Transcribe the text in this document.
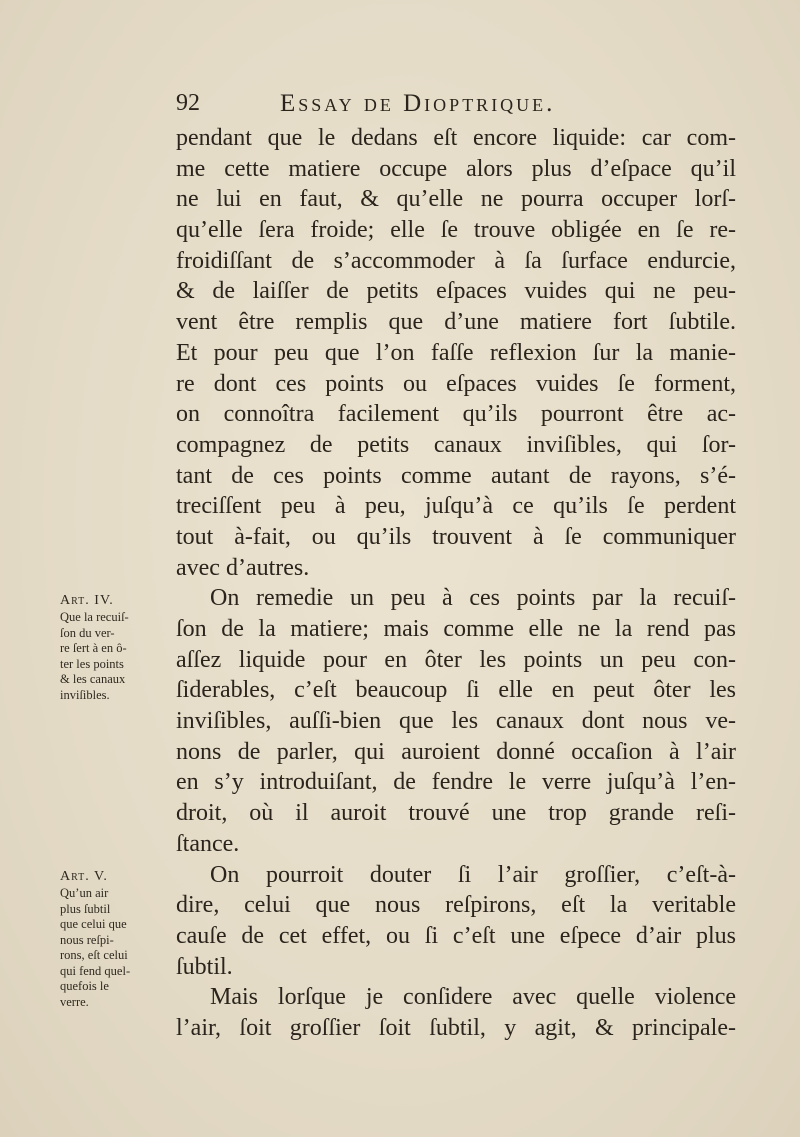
92	Essay de Dioptrique.
pendant que le dedans eſt encore liquide: car com-
me cette matiere occupe alors plus d’eſpace qu’il
ne lui en faut, & qu’elle ne pourra occuper lorſ-
qu’elle ſera froide; elle ſe trouve obligée en ſe re-
froidiſſant de s’accommoder à ſa ſurface endurcie,
& de laiſſer de petits eſpaces vuides qui ne peu-
vent être remplis que d’une matiere fort ſubtile.
Et pour peu que l’on faſſe reflexion ſur la manie-
re dont ces points ou eſpaces vuides ſe forment,
on connoîtra facilement qu’ils pourront être ac-
compagnez de petits canaux inviſibles, qui ſor-
tant de ces points comme autant de rayons, s’é-
treciſſent peu à peu, juſqu’à ce qu’ils ſe perdent
tout à-fait, ou qu’ils trouvent à ſe communiquer
avec d’autres.
On remedie un peu à ces points par la recuiſ-
ſon de la matiere; mais comme elle ne la rend pas
aſſez liquide pour en ôter les points un peu con-
ſiderables, c’eſt beaucoup ſi elle en peut ôter les
inviſibles, auſſi-bien que les canaux dont nous ve-
nons de parler, qui auroient donné occaſion à l’air
en s’y introduiſant, de fendre le verre juſqu’à l’en-
droit, où il auroit trouvé une trop grande reſi-
ſtance.
On pourroit douter ſi l’air groſſier, c’eſt-à-
dire, celui que nous reſpirons, eſt la veritable
cauſe de cet effet, ou ſi c’eſt une eſpece d’air plus
ſubtil.
Mais lorſque je conſidere avec quelle violence
l’air, ſoit groſſier ſoit ſubtil, y agit, & principale-
Art. IV.
Que la recuiſ-
ſon du ver-
re ſert à en ô-
ter les points
& les canaux
inviſibles.
Art. V.
Qu’un air
plus ſubtil
que celui que
nous reſpi-
rons, eſt celui
qui fend quel-
quefois le
verre.
